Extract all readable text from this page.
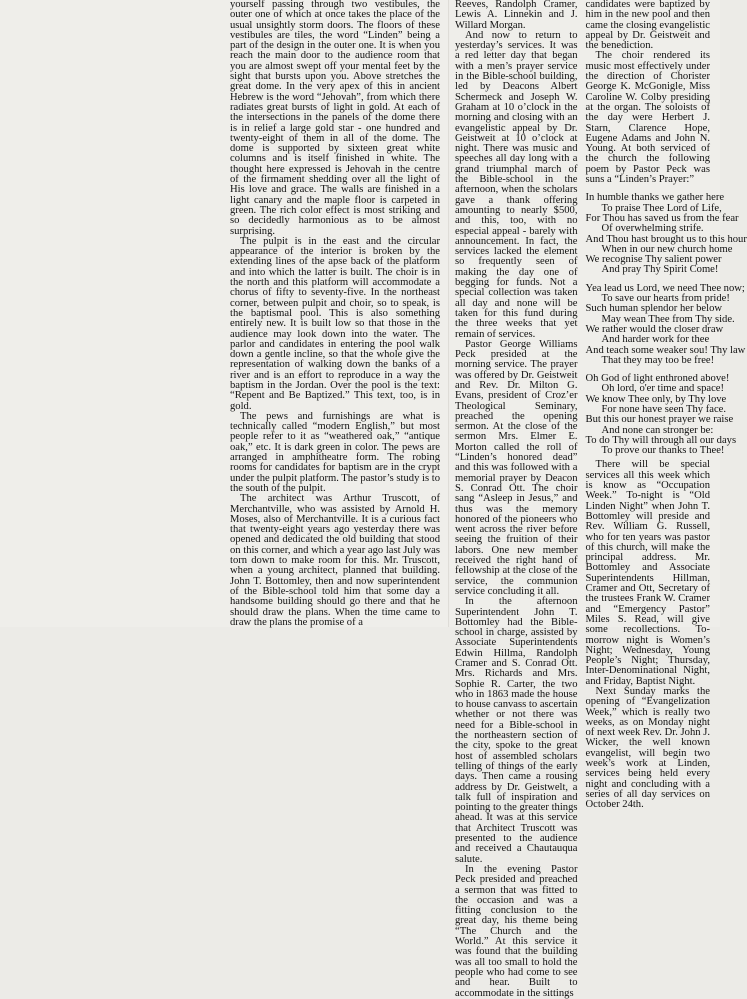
yourself passing through two vestibules, the outer one of which at once takes the place of the usual unsightly storm doors. The floors of these vestibules are tiles, the word “Linden” being a part of the design in the outer one. It is when you reach the main door to the audience room that you are almost swept off your mental feet by the sight that bursts upon you. Above stretches the great dome. In the very apex of this in ancient Hebrew is the word “Jehovah”, from which there radiates great bursts of light in gold. At each of the intersections in the panels of the dome there is in relief a large gold star - one hundred and twenty-eight of them in all of the dome. The dome is supported by sixteen great white columns and is itself finished in white. The thought here expressed is Jehovah in the centre of the firmament shedding over all the light of His love and grace. The walls are finished in a light canary and the maple floor is carpeted in green. The rich color effect is most striking and so decidedly harmonious as to be almost surprising.

The pulpit is in the east and the circular appearance of the interior is broken by the extending lines of the apse back of the platform and into which the latter is built. The choir is in the north and this platform will accommodate a chorus of fifty to seventy-five. In the northeast corner, between pulpit and choir, so to speak, is the baptismal pool. This is also something entirely new. It is built low so that those in the audience may look down into the water. The parlor and candidates in entering the pool walk down a gentle incline, so that the whole give the representation of walking down the banks of a river and is an effort to reproduce in a way the baptism in the Jordan. Over the pool is the text: “Repent and Be Baptized.” This text, too, is in gold.

The pews and furnishings are what is technically called “modern English,” but most people refer to it as “weathered oak,” “antique oak,” etc. It is dark green in color. The pews are arranged in amphitheatre form. The robing rooms for candidates for baptism are in the crypt under the pulpit platform. The pastor’s study is to the south of the pulpit.

The architect was Arthur Truscott, of Merchantville, who was assisted by Arnold H. Moses, also of Merchantville. It is a curious fact that twenty-eight years ago yesterday there was opened and dedicated the old building that stood on this corner, and which a year ago last July was torn down to make room for this. Mr. Truscott, when a young architect, planned that building. John T. Bottomley, then and now superintendent of the Bible-school told him that some day a handsome building should go there and that he should draw the plans. When the time came to draw the plans the promise of a

Reeves, Randolph Cramer, Lewis A. Linnekin and J. Willard Morgan.

And now to return to yesterday’s services. It was a red letter day that began with a men’s prayer service in the Bible-school building, led by Deacons Albert Schermeck and Joseph W. Graham at 10 o’clock in the morning and closing with an evangelistic appeal by Dr. Geistweit at 10 o’clock at night. There was music and speeches all day long with a grand triumphal march of the Bible-school in the afternoon, when the scholars gave a thank offering amounting to nearly $500, and this, too, with no especial appeal - barely with announcement. In fact, the services lacked the element so frequently seen of making the day one of begging for funds. Not a special collection was taken all day and none will be taken for this fund during the three weeks that yet remain of services.

Pastor George Williams Peck presided at the morning service. The prayer was offered by Dr. Geistweit and Rev. Dr. Milton G. Evans, president of Croz’er Theological Seminary, preached the opening sermon. At the close of the sermon Mrs. Elmer E. Morton called the roll of “Linden’s honored dead” and this was followed with a memorial prayer by Deacon S. Conrad Ott. The choir sang “Asleep in Jesus,” and thus was the memory honored of the pioneers who went across the river before seeing the fruition of their labors. One new member received the right hand of fellowship at the close of the service, the communion service concluding it all.

In the afternoon Superintendent John T. Bottomley had the Bible-school in charge, assisted by Associate Superintendents Edwin Hillma, Randolph Cramer and S. Conrad Ott. Mrs. Richards and Mrs. Sophie R. Carter, the two who in 1863 made the house to house canvass to ascertain whether or not there was need for a Bible-school in the northeastern section of the city, spoke to the great host of assembled scholars telling of things of the early days. Then came a rousing address by Dr. Geistwelt, a talk full of inspiration and pointing to the greater things ahead. It was at this service that Architect Truscott was presented to the audience and received a Chautauqua salute.

In the evening Pastor Peck presided and preached a sermon that was fitted to the occasion and was a fitting conclusion to the great day, his theme being “The Church and the World.” At this service it was found that the building was all too small to hold the people who had come to see and hear. Built to accommodate in the sittings

candidates were baptized by him in the new pool and then came the closing evangelistic appeal by Dr. Geistweit and the benediction.

The choir rendered its music most effectively under the direction of Chorister George K. McGonigle, Miss Caroline W. Colby presiding at the organ. The soloists of the day were Herbert J. Starn, Clarence Hope, Eugene Adams and John N. Young. At both serviced of the church the following poem by Pastor Peck was suns a “Linden’s Prayer:”

In humble thanks we gather here
To praise Thee Lord of Life,
For Thou has saved us from the fear
Of overwhelming strife.
And Thou hast brought us to this hour
When in our new church home
We recognise Thy salient power
And pray Thy Spirit Come!
Yea lead us Lord, we need Thee now;
To save our hearts from pride!
Such human splendor her below
May wean Thee from Thy side.
We rather would the closer draw
And harder work for thee
And teach some weaker sou! Thy law
That they may too be free!
Oh God of light enthroned above!
Oh lord, o'er time and space!
We know Thee only, by Thy love
For none have seen Thy face.
But this our honest prayer we raise
And none can stronger be:
To do Thy will through all our days
To prove our thanks to Thee!

There will be special services all this week which is know as “Occupation Week.” To-night is “Old Linden Night” when John T. Bottomley will preside and Rev. William G. Russell, who for ten years was pastor of this church, will make the principal address. Mr. Bottomley and Associate Superintendents Hillman, Cramer and Ott, Secretary of the trustees Frank W. Cramer and “Emergency Pastor” Miles S. Read, will give some recollections. To-morrow night is Women’s Night; Wednesday, Young People’s Night; Thursday, Inter-Denominational Night, and Friday, Baptist Night.

Next Sunday marks the opening of “Evangelization Week,” which is really two weeks, as on Monday night of next week Rev. Dr. John J. Wicker, the well known evangelist, will begin two week’s work at Linden, services being held every night and concluding with a series of all day services on October 24th.
